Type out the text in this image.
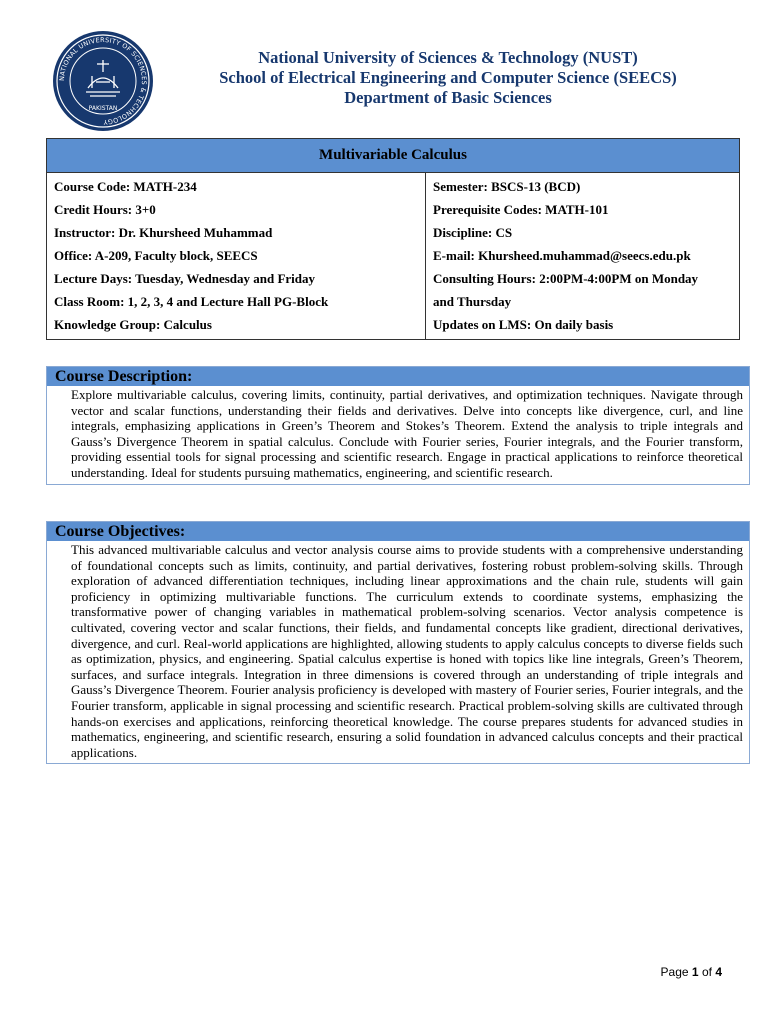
NATIONAL UNIVERSITY OF SCIENCES & TECHNOLOGY
PAKISTAN
National University of Sciences & Technology (NUST)
School of Electrical Engineering and Computer Science (SEECS)
Department of Basic Sciences
Multivariable Calculus
Course Code: MATH-234
Credit Hours: 3+0
Instructor: Dr. Khursheed Muhammad
Office: A-209, Faculty block, SEECS
Lecture Days: Tuesday, Wednesday and Friday
Class Room: 1, 2, 3, 4 and Lecture Hall PG-Block
Knowledge Group: Calculus
Semester: BSCS-13 (BCD)
Prerequisite Codes: MATH-101
Discipline: CS
E-mail: Khursheed.muhammad@seecs.edu.pk
Consulting Hours: 2:00PM-4:00PM on Monday
and Thursday
Updates on LMS: On daily basis
Course Description:

Explore multivariable calculus, covering limits, continuity, partial derivatives, and optimization techniques. Navigate through vector and scalar functions, understanding their fields and derivatives. Delve into concepts like divergence, curl, and line integrals, emphasizing applications in Green’s Theorem and Stokes’s Theorem. Extend the analysis to triple integrals and Gauss’s Divergence Theorem in spatial calculus. Conclude with Fourier series, Fourier integrals, and the Fourier transform, providing essential tools for signal processing and scientific research. Engage in practical applications to reinforce theoretical understanding. Ideal for students pursuing mathematics, engineering, and scientific research.

Course Objectives:

This advanced multivariable calculus and vector analysis course aims to provide students with a comprehensive understanding of foundational concepts such as limits, continuity, and partial derivatives, fostering robust problem-solving skills. Through exploration of advanced differentiation techniques, including linear approximations and the chain rule, students will gain proficiency in optimizing multivariable functions. The curriculum extends to coordinate systems, emphasizing the transformative power of changing variables in mathematical problem-solving scenarios. Vector analysis competence is cultivated, covering vector and scalar functions, their fields, and fundamental concepts like gradient, directional derivatives, divergence, and curl. Real-world applications are highlighted, allowing students to apply calculus concepts to diverse fields such as optimization, physics, and engineering. Spatial calculus expertise is honed with topics like line integrals, Green’s Theorem, surfaces, and surface integrals. Integration in three dimensions is covered through an understanding of triple integrals and Gauss’s Divergence Theorem. Fourier analysis proficiency is developed with mastery of Fourier series, Fourier integrals, and the Fourier transform, applicable in signal processing and scientific research. Practical problem-solving skills are cultivated through hands-on exercises and applications, reinforcing theoretical knowledge. The course prepares students for advanced studies in mathematics, engineering, and scientific research, ensuring a solid foundation in advanced calculus concepts and their practical applications.

Page 1 of 4
